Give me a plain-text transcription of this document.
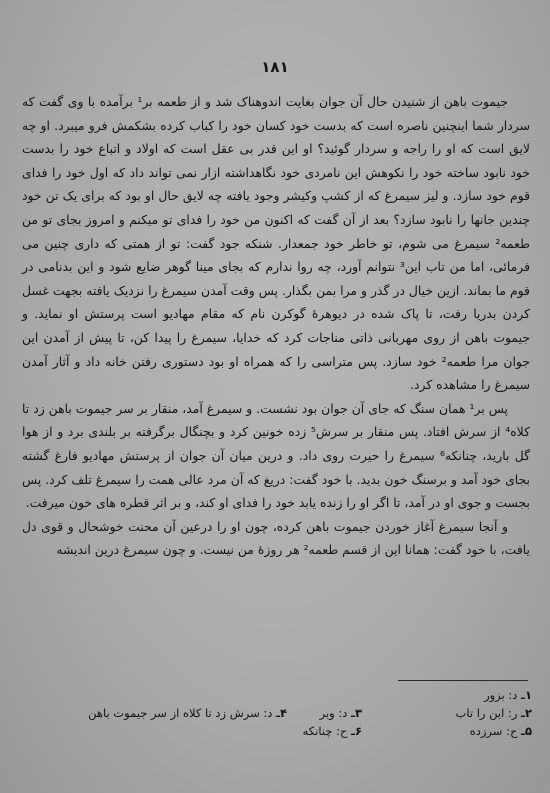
۱۸۱

جیموت باهن از شنیدن حال آن جوان بغایت اندوهناک شد و از طعمه بر¹ برآمده با وی گفت که سردار شما اینچنین ناصره است که بدست خود کسان خود را کباب کرده بشکمش فرو میبرد. او چه لایق است که او را راجه و سردار گوئید؟ او این قدر بی عقل است که اولاد و اتباع خود را بدست خود نابود ساخته خود را نکوهش این نامردی خود نگاهداشته ازار نمی تواند داد که اول خود را فدای قوم خود سازد. و لیز سیمرغ که از کشپ وکیشر وجود یافته چه لایق حال او بود که برای یک تن خود چندین جانها را نابود سازد؟ بعد از آن گفت که اکنون من خود را فدای تو میکنم و امروز بجای تو من طعمه² سیمرغ می شوم، تو خاطر خود جمعدار. شنکه جود گفت: تو از همتی که داری چنین می فرمائی، اما من تاب این³ نتوانم آورد، چه روا ندارم که بجای مینا گوهر ضایع شود و این بدنامی در قوم ما بماند. ازین خیال در گذر و مرا بمن بگذار. پس وقت آمدن سیمرغ را نزدیک یافته بجهت غسل کردن بدریا رفت، تا پاک شده در دیوهرهٔ گوکرن نام که مقام مهادیو است پرستش او نماید. و جیموت باهن از روی مهربانی ذاتی مناجات کرد که خدایا، سیمرغ را پیدا کن، تا پیش از آمدن این جوان مرا طعمه² خود سازد. پس متراسی را که همراه او بود دستوری رفتن خانه داد و آثار آمدن سیمرغ را مشاهده کرد.

پس بر¹ همان سنگ که جای آن جوان بود نشست. و سیمرغ آمد، منقار بر سر جیموت باهن زد تا کلاه⁴ از سرش افتاد. پس منقار بر سرش⁵ زده خونین کرد و بچنگال برگرفته بر بلندی برد و از هوا گل بارید، چنانکه⁶ سیمرغ را حیرت روی داد. و درین میان آن جوان از پرستش مهادیو فارغ گشته بجای خود آمد و برسنگ خون بدید. با خود گفت: دریغ که آن مرد عالی همت را سیمرغ تلف کرد. پس بجست و جوی او در آمد، تا اگر او را زنده یابد خود را فدای او کند، و بر اثر قطره های خون میرفت.

و آنجا سیمرغ آغاز خوردن جیموت باهن کرده، چون او را درعین آن محنت خوشحال و قوی دل یافت، با خود گفت: همانا این از قسم طعمه² هر روزهٔ من نیست. و چون سیمرغ درین اندیشه

۱ـ د: بزور
۲ـ ر: این را تاب
۳ـ د: وبر
۴ـ د: سرش زد تا کلاه از سر جیموت باهن
۵ـ ح: سرزده
۶ـ ح: چنانکه
